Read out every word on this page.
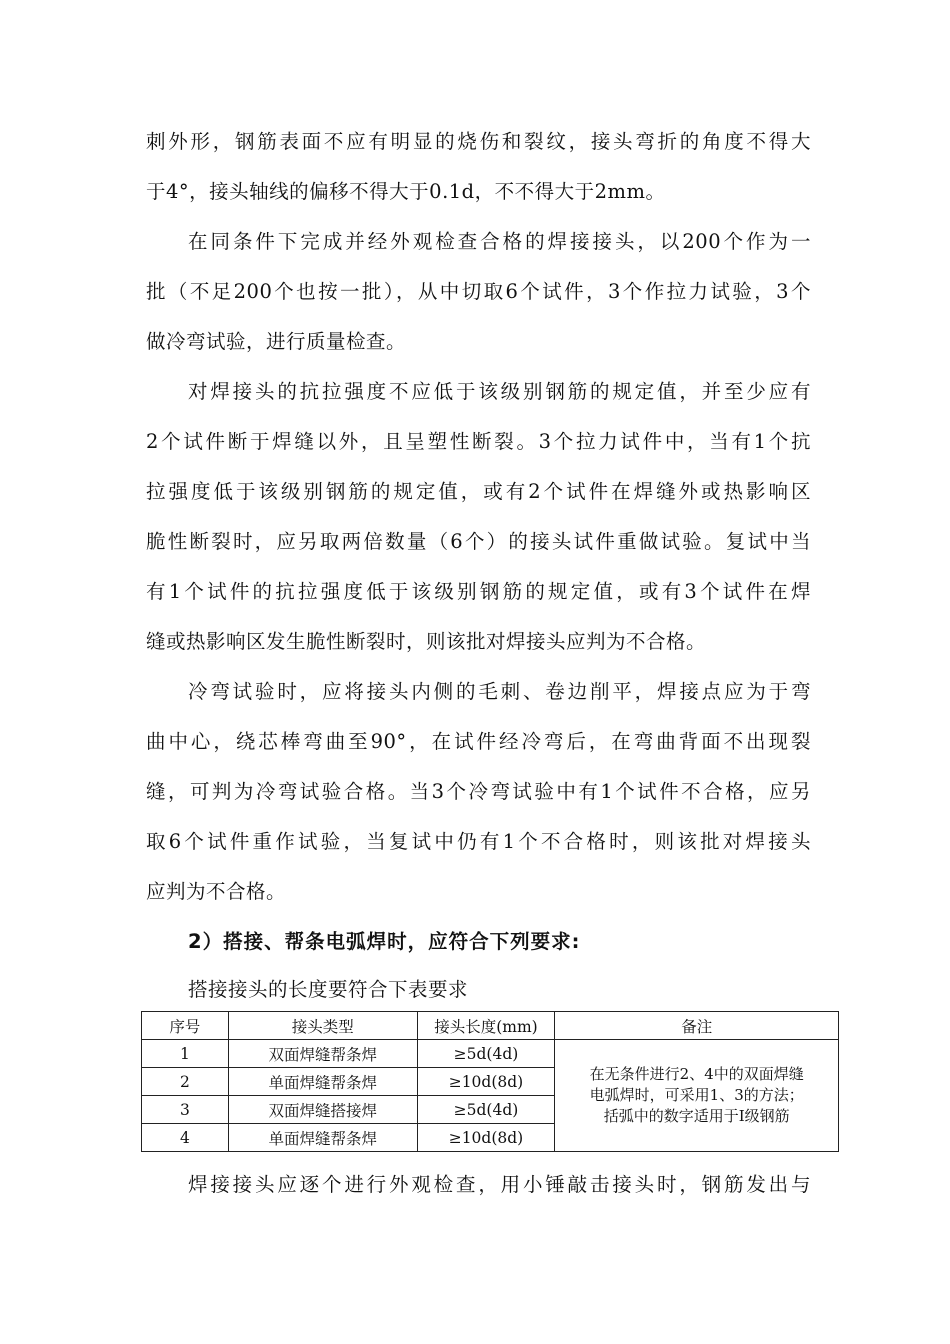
刺外形，钢筋表面不应有明显的烧伤和裂纹，接头弯折的角度不得大
于4°，接头轴线的偏移不得大于0.1d，不不得大于2mm。
在同条件下完成并经外观检查合格的焊接接头，以200个作为一
批（不足200个也按一批），从中切取6个试件，3个作拉力试验，3个
做冷弯试验，进行质量检查。
对焊接头的抗拉强度不应低于该级别钢筋的规定值，并至少应有
2个试件断于焊缝以外，且呈塑性断裂。3个拉力试件中，当有1个抗
拉强度低于该级别钢筋的规定值，或有2个试件在焊缝外或热影响区
脆性断裂时，应另取两倍数量（6个）的接头试件重做试验。复试中当
有1个试件的抗拉强度低于该级别钢筋的规定值，或有3个试件在焊
缝或热影响区发生脆性断裂时，则该批对焊接头应判为不合格。
冷弯试验时，应将接头内侧的毛刺、卷边削平，焊接点应为于弯
曲中心，绕芯棒弯曲至90°，在试件经冷弯后，在弯曲背面不出现裂
缝，可判为冷弯试验合格。当3个冷弯试验中有1个试件不合格，应另
取6个试件重作试验，当复试中仍有1个不合格时，则该批对焊接头
应判为不合格。
2）搭接、帮条电弧焊时，应符合下列要求:
搭接接头的长度要符合下表要求
序号	接头类型	接头长度(mm)	备注
1	双面焊缝帮条焊	≥5d(4d)	在无条件进行2、4中的双面焊缝
电弧焊时，可采用1、3的方法；
括弧中的数字适用于Ⅰ级钢筋

2	单面焊缝帮条焊	≥10d(8d)	
3	双面焊缝搭接焊	≥5d(4d)	
4	单面焊缝帮条焊	≥10d(8d)	
焊接接头应逐个进行外观检查，用小锤敲击接头时，钢筋发出与
